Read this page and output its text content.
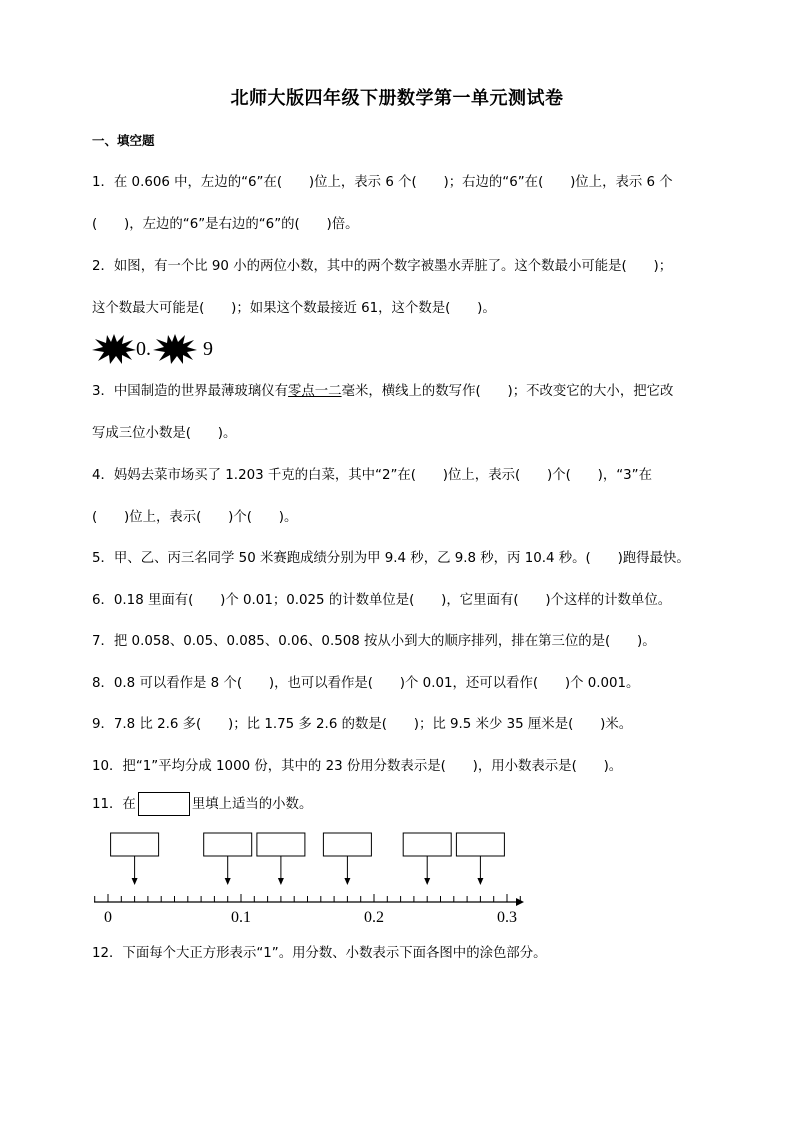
北师大版四年级下册数学第一单元测试卷
一、填空题
1．在 0.606 中，左边的“6”在(　　)位上，表示 6 个(　　)；右边的“6”在(　　)位上，表示 6 个
(　　)，左边的“6”是右边的“6”的(　　)倍。
2．如图，有一个比 90 小的两位小数，其中的两个数字被墨水弄脏了。这个数最小可能是(　　)；
这个数最大可能是(　　)；如果这个数最接近 61，这个数是(　　)。
0.	9
3．中国制造的世界最薄玻璃仪有零点一二毫米，横线上的数写作(　　)；不改变它的大小，把它改
写成三位小数是(　　)。
4．妈妈去菜市场买了 1.203 千克的白菜，其中“2”在(　　)位上，表示(　　)个(　　)，“3”在
(　　)位上，表示(　　)个(　　)。
5．甲、乙、丙三名同学 50 米赛跑成绩分别为甲 9.4 秒，乙 9.8 秒，丙 10.4 秒。(　　)跑得最快。
6．0.18 里面有(　　)个 0.01；0.025 的计数单位是(　　)，它里面有(　　)个这样的计数单位。
7．把 0.058、0.05、0.085、0.06、0.508 按从小到大的顺序排列，排在第三位的是(　　)。
8．0.8 可以看作是 8 个(　　)，也可以看作是(　　)个 0.01，还可以看作(　　)个 0.001。
9．7.8 比 2.6 多(　　)；比 1.75 多 2.6 的数是(　　)；比 9.5 米少 35 厘米是(　　)米。
10．把“1”平均分成 1000 份，其中的 23 份用分数表示是(　　)，用小数表示是(　　)。
11．在	里填上适当的小数。
0	0.1	0.2	0.3
12．下面每个大正方形表示“1”。用分数、小数表示下面各图中的涂色部分。
